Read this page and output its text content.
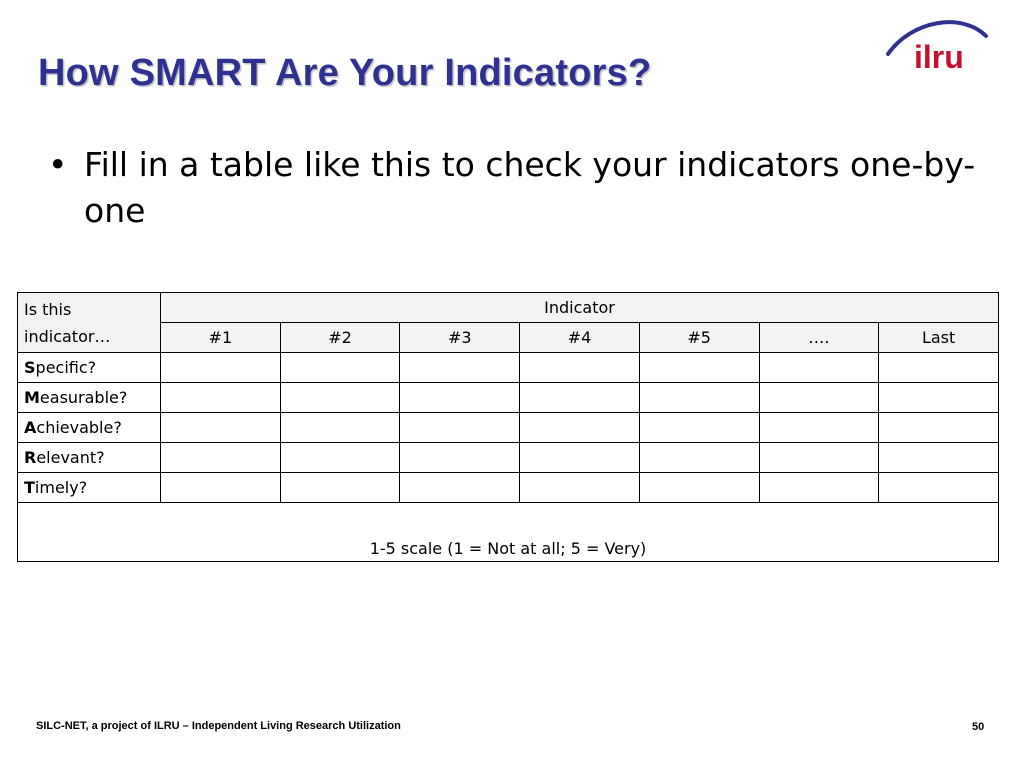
How SMART Are Your Indicators?	ilru
• Fill in a table like this to check your indicators one-by-one
Is this indicator…	Indicator						
	#1	#2	#3	#4	#5	….	Last
Specific?							
Measurable?							
Achievable?							
Relevant?							
Timely?							
1-5 scale (1 = Not at all; 5 = Very)							
SILC-NET, a project of ILRU – Independent Living Research Utilization	50
